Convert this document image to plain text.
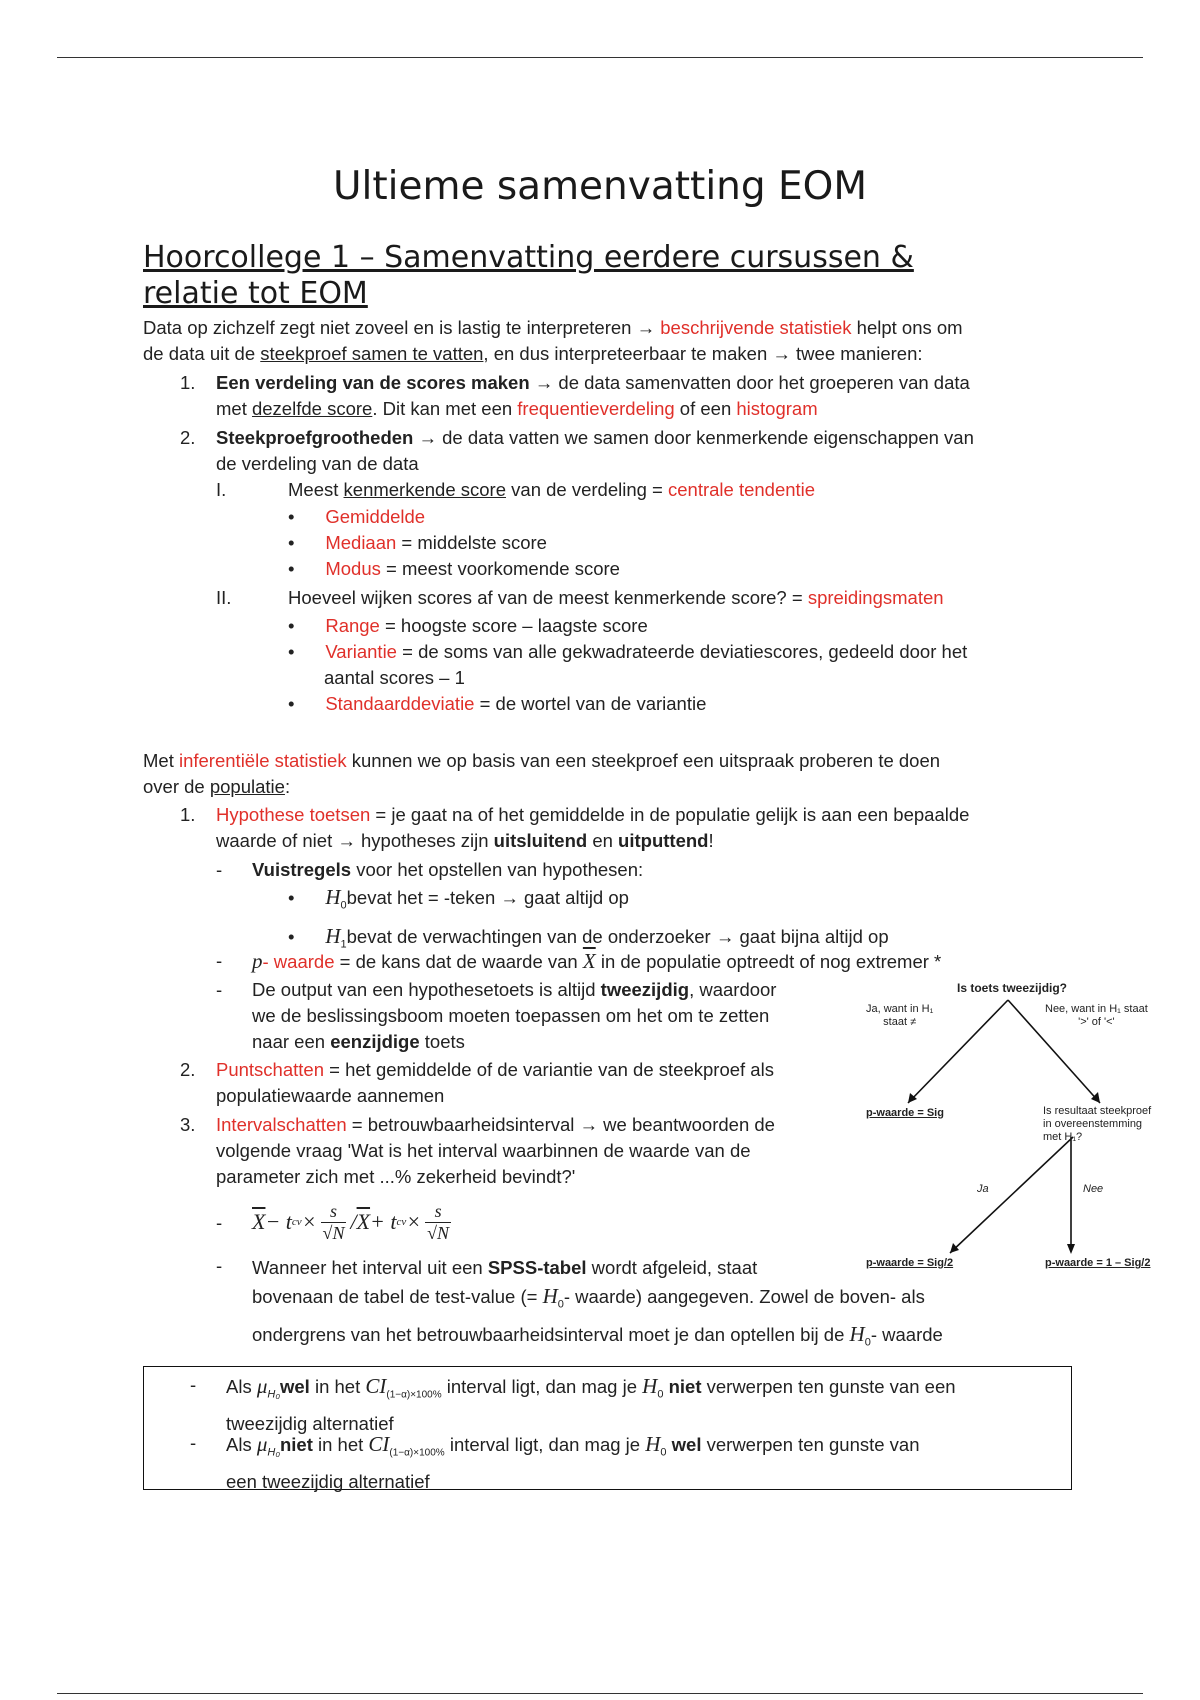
Ultieme samenvatting EOM
Hoorcollege 1 – Samenvatting eerdere cursussen &
relatie tot EOM
Data op zichzelf zegt niet zoveel en is lastig te interpreteren → beschrijvende statistiek helpt ons om
de data uit de steekproef samen te vatten, en dus interpreteerbaar te maken → twee manieren:
1. Een verdeling van de scores maken → de data samenvatten door het groeperen van data
met dezelfde score. Dit kan met een frequentieverdeling of een histogram
2. Steekproefgrootheden → de data vatten we samen door kenmerkende eigenschappen van
de verdeling van de data
I.	Meest kenmerkende score van de verdeling = centrale tendentie
•      Gemiddelde
•      Mediaan = middelste score
•      Modus = meest voorkomende score
II.	Hoeveel wijken scores af van de meest kenmerkende score? = spreidingsmaten
•      Range = hoogste score – laagste score
•      Variantie = de soms van alle gekwadrateerde deviatiescores, gedeeld door het
aantal scores – 1
•      Standaarddeviatie = de wortel van de variantie
Met inferentiële statistiek kunnen we op basis van een steekproef een uitspraak proberen te doen
over de populatie:
1. Hypothese toetsen = je gaat na of het gemiddelde in de populatie gelijk is aan een bepaalde
waarde of niet → hypotheses zijn uitsluitend en uitputtend!
- Vuistregels voor het opstellen van hypothesen:
•      $H_0bevat$ het = -teken → gaat altijd op
•      $H_1bevat$ de verwachtingen van de onderzoeker → gaat bijna altijd op
- p- waarde = de kans dat de waarde van $\overline{X}$ in de populatie optreedt of nog extremer *
- De output van een hypothesetoets is altijd tweezijdig, waardoor
we de beslissingsboom moeten toepassen om het om te zetten
naar een eenzijdige toets
2. Puntschatten = het gemiddelde of de variantie van de steekproef als
populatiewaarde aannemen
3. Intervalschatten = betrouwbaarheidsinterval → we beantwoorden de
volgende vraag 'Wat is het interval waarbinnen de waarde van de
parameter zich met ...% zekerheid bevindt?'
- $\overline{X} - t$ cv × $\frac{s}{√N} / \overline{X} + t$ cv × $\frac{s}{√N}$
- Wanneer het interval uit een SPSS-tabel wordt afgeleid, staat
bovenaan de tabel de test-value (= $H_0-$ waarde) aangegeven. Zowel de boven- als
ondergrens van het betrouwbaarheidsinterval moet je dan optellen bij de $H_0-$ waarde
Is toets tweezijdig?
Ja, want in H₁
staat ≠
Nee, want in H₁ staat
'>' of '<'
p-waarde = Sig	Is resultaat steekproef
in overeenstemming
met H₁?
Ja	Nee
p-waarde = Sig/2	p-waarde = 1 – Sig/2
- Als $\mu_{H_0}wel$ in het $CI_{(1-\alpha)\times 100\%}$ interval ligt, dan mag je $H_0$ niet verwerpen ten gunste van een
tweezijdig alternatief
- Als $\mu_{H_0}niet$ in het $CI_{(1-\alpha)\times 100\%}$ interval ligt, dan mag je $H_0$ wel verwerpen ten gunste van
een tweezijdig alternatief
